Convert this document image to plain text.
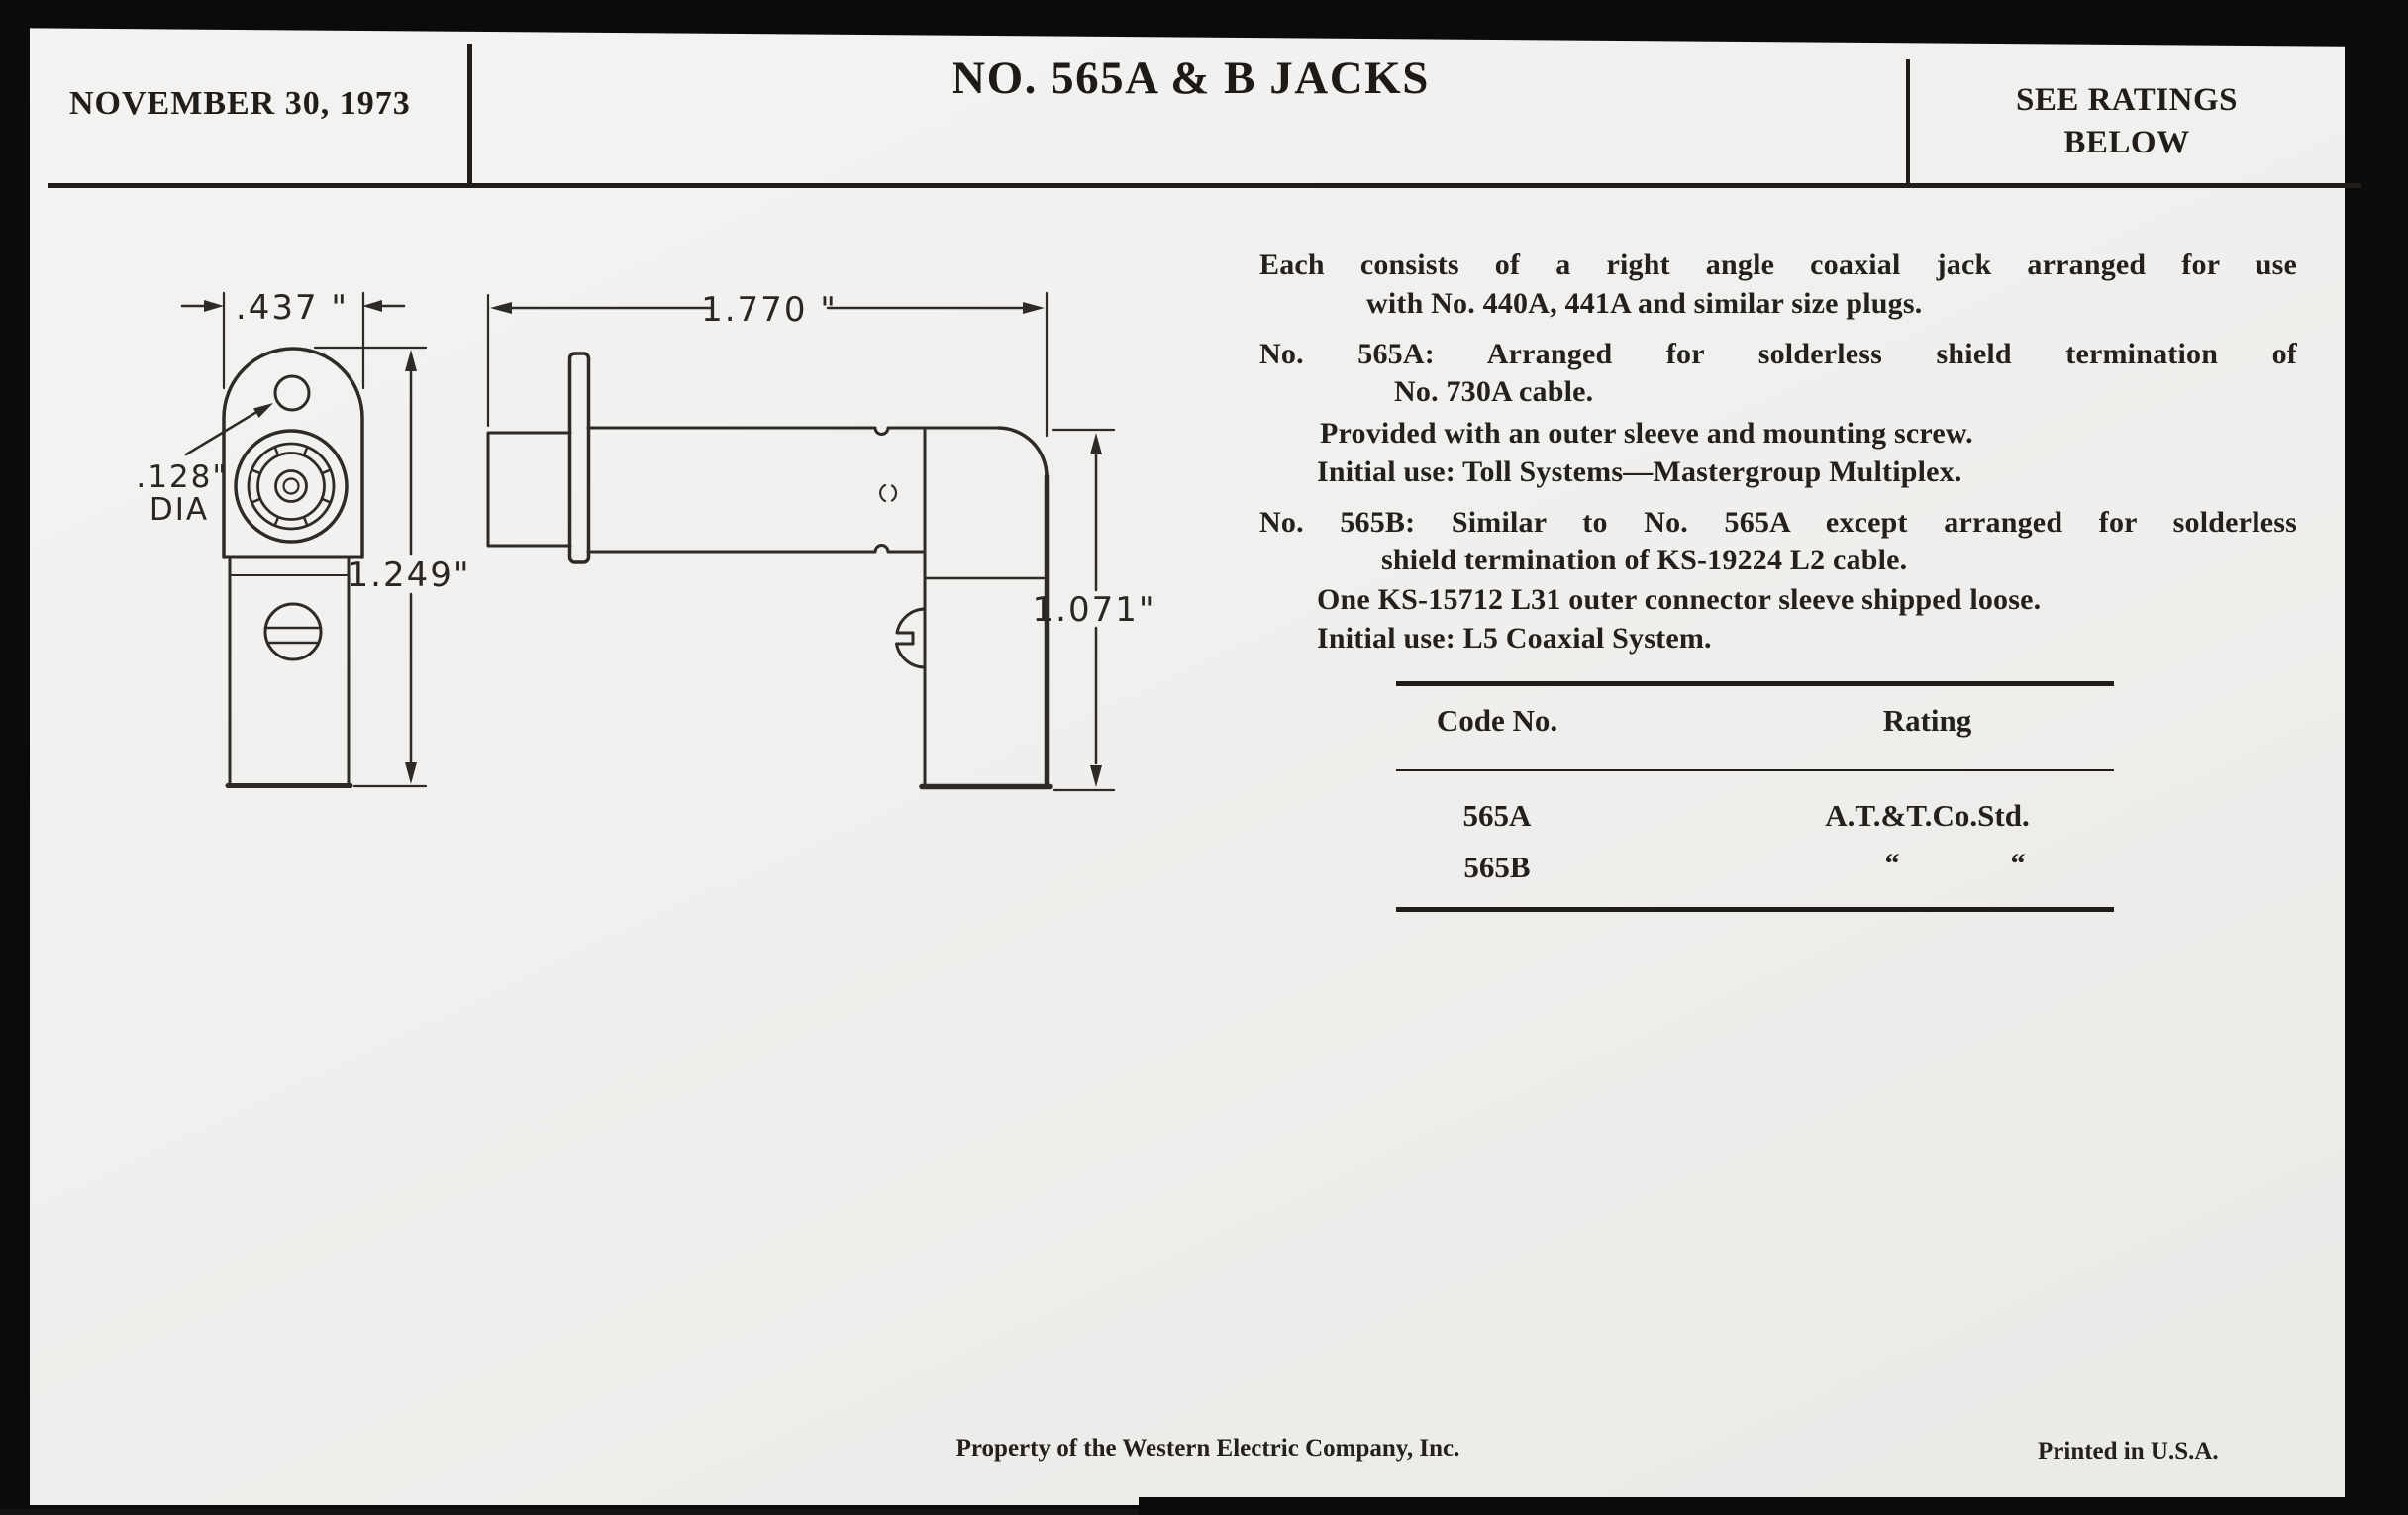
NOVEMBER 30, 1973	NO. 565A & B JACKS	SEE RATINGS
BELOW
.437 "
1.249"
.128"
DIA
1.770 "
1.071"
Each consists of a right angle coaxial jack arranged for use
with No. 440A, 441A and similar size plugs.
No. 565A: Arranged for solderless shield termination of
No. 730A cable.
Provided with an outer sleeve and mounting screw.
Initial use: Toll Systems—Mastergroup Multiplex.
No. 565B: Similar to No. 565A except arranged for solderless
shield termination of KS-19224 L2 cable.
One KS-15712 L31 outer connector sleeve shipped loose.
Initial use: L5 Coaxial System.
Code No.	Rating
565A	A.T.&T.Co.Std.
565B	“	“
Property of the Western Electric Company, Inc.	Printed in U.S.A.
